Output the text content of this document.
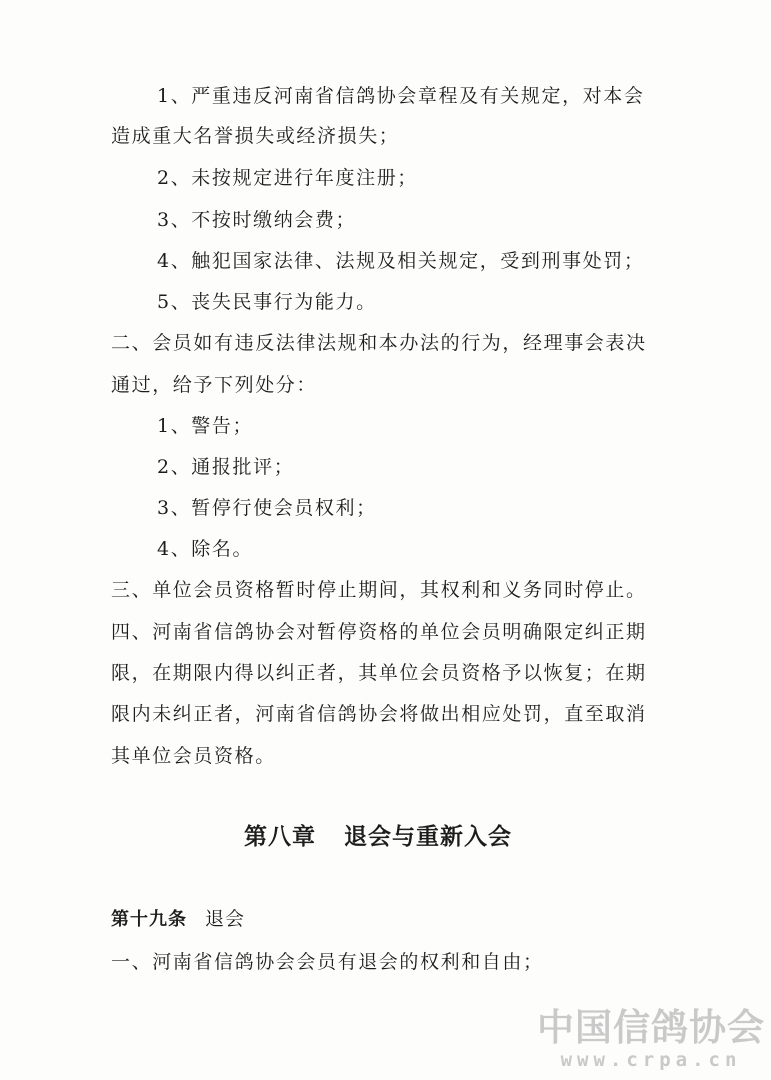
1、严重违反河南省信鸽协会章程及有关规定，对本会
造成重大名誉损失或经济损失；
2、未按规定进行年度注册；
3、不按时缴纳会费；
4、触犯国家法律、法规及相关规定，受到刑事处罚；
5、丧失民事行为能力。
二、会员如有违反法律法规和本办法的行为，经理事会表决
通过，给予下列处分：
1、警告；
2、通报批评；
3、暂停行使会员权利；
4、除名。
三、单位会员资格暂时停止期间，其权利和义务同时停止。
四、河南省信鸽协会对暂停资格的单位会员明确限定纠正期
限，在期限内得以纠正者，其单位会员资格予以恢复；在期
限内未纠正者，河南省信鸽协会将做出相应处罚，直至取消
其单位会员资格。
第八章 退会与重新入会
第十九条 退会
一、河南省信鸽协会会员有退会的权利和自由；
中国信鸽协会
www.crpa.cn
